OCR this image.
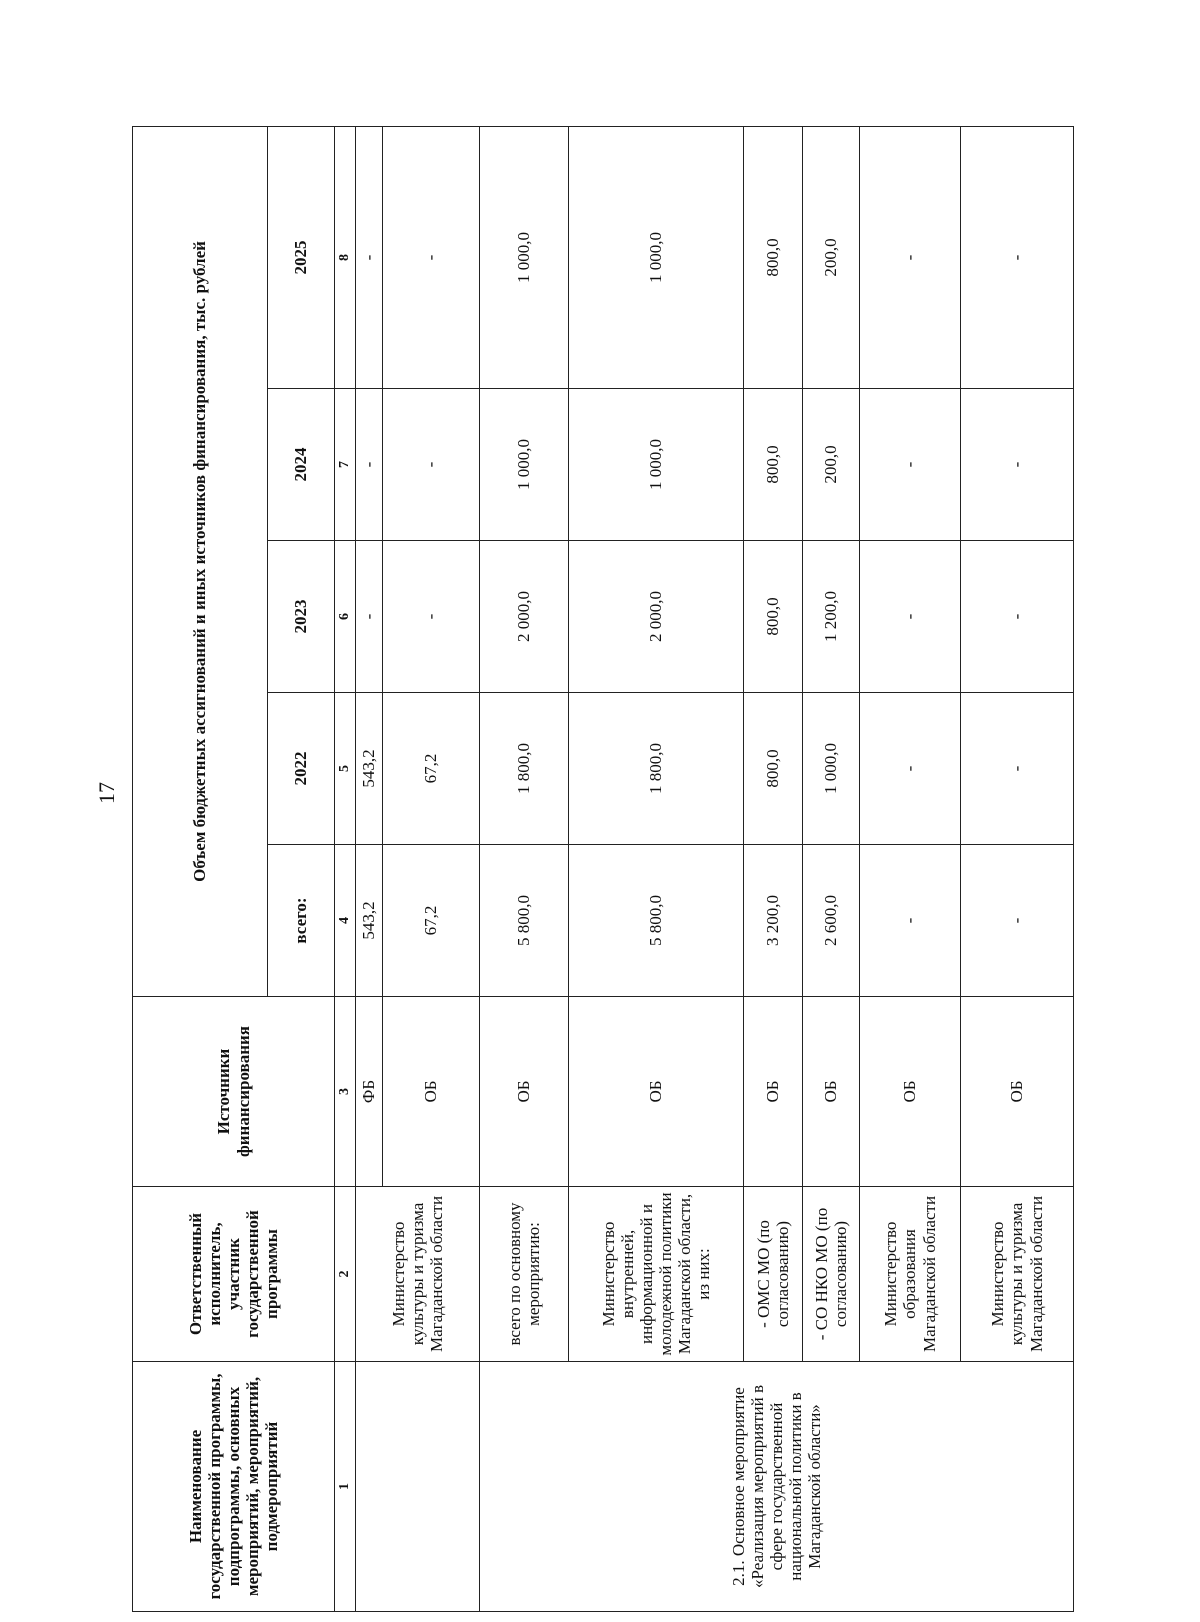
17
Наименование государственной программы, подпрограммы, основных мероприятий, мероприятий, подмероприятий	Ответственный исполнитель, участник государственной программы	Источники финансирования	Объем бюджетных ассигнований и иных источников финансирования, тыс. рублей				
			всего:	2022	2023	2024	2025
1	2	3	4	5	6	7	8
	Министерство культуры и туризма Магаданской области	ФБ	543,2	543,2	-	-	-
		ОБ	67,2	67,2	-	-	-
2.1. Основное мероприятие «Реализация мероприятий в сфере государственной национальной политики в Магаданской области»	всего по основному мероприятию:	ОБ	5 800,0	1 800,0	2 000,0	1 000,0	1 000,0
	Министерство внутренней, информационной и молодежной политики Магаданской области, из них:	ОБ	5 800,0	1 800,0	2 000,0	1 000,0	1 000,0
	- ОМС МО (по согласованию)	ОБ	3 200,0	800,0	800,0	800,0	800,0
	- СО НКО МО (по согласованию)	ОБ	2 600,0	1 000,0	1 200,0	200,0	200,0
	Министерство образования Магаданской области	ОБ	-	-	-	-	-
	Министерство культуры и туризма Магаданской области	ОБ	-	-	-	-	-
